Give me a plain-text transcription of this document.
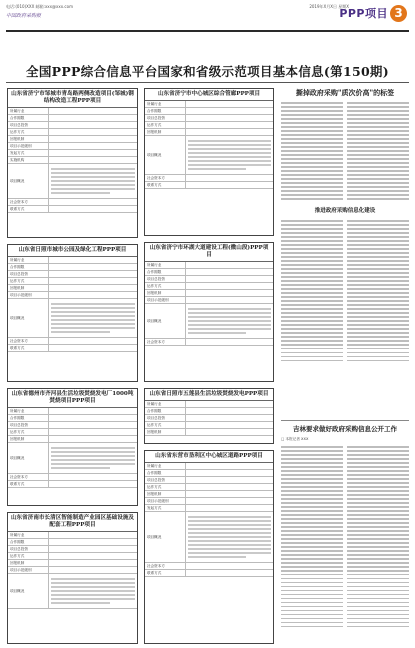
电话:(010)XXX 邮箱:xxx@xxx.com	2019年X月X日 星期X
中国政府采购报	PPP项目 3
全国PPP综合信息平台国家和省级示范项目基本信息(第150期)
山东省济宁市邹城市青岛路两侧改造项目(邹城)钢结构改造工程PPP项目
所属行业
合作期限
项目总投资
运作方式
回报机制
项目示范级别
发起方式
实施机构
项目概况
社会资本方
联系方式
山东省日照市城市公园及绿化工程PPP项目
所属行业
合作期限
项目总投资
运作方式
回报机制
项目示范级别
项目概况
社会资本方
联系方式
山东省德州市齐河县生活垃圾焚烧发电厂1000吨焚烧项目PPP项目
所属行业
合作期限
项目总投资
运作方式
回报机制
项目概况
社会资本方
联系方式
山东省济南市长清区智能制造产业园区基础设施及配套工程PPP项目
所属行业
合作期限
项目总投资
运作方式
回报机制
项目示范级别
项目概况
山东省济宁市中心城区综合管廊PPP项目
所属行业
合作期限
项目总投资
运作方式
回报机制
项目概况
社会资本方
联系方式
山东省济宁市环湖大道建设工程(微山段)PPP项目
所属行业
合作期限
项目总投资
运作方式
回报机制
项目示范级别
项目概况
社会资本方
山东省日照市五莲县生活垃圾焚烧发电PPP项目
所属行业
合作期限
项目总投资
运作方式
回报机制
山东省东营市垦利区中心城区道路PPP项目
所属行业
合作期限
项目总投资
运作方式
回报机制
项目示范级别
发起方式
项目概况
社会资本方
联系方式
撕掉政府采购"质次价高"的标签
推进政府采购信息化建设
吉林要求做好政府采购信息公开工作
□ 本报记者 XXX
